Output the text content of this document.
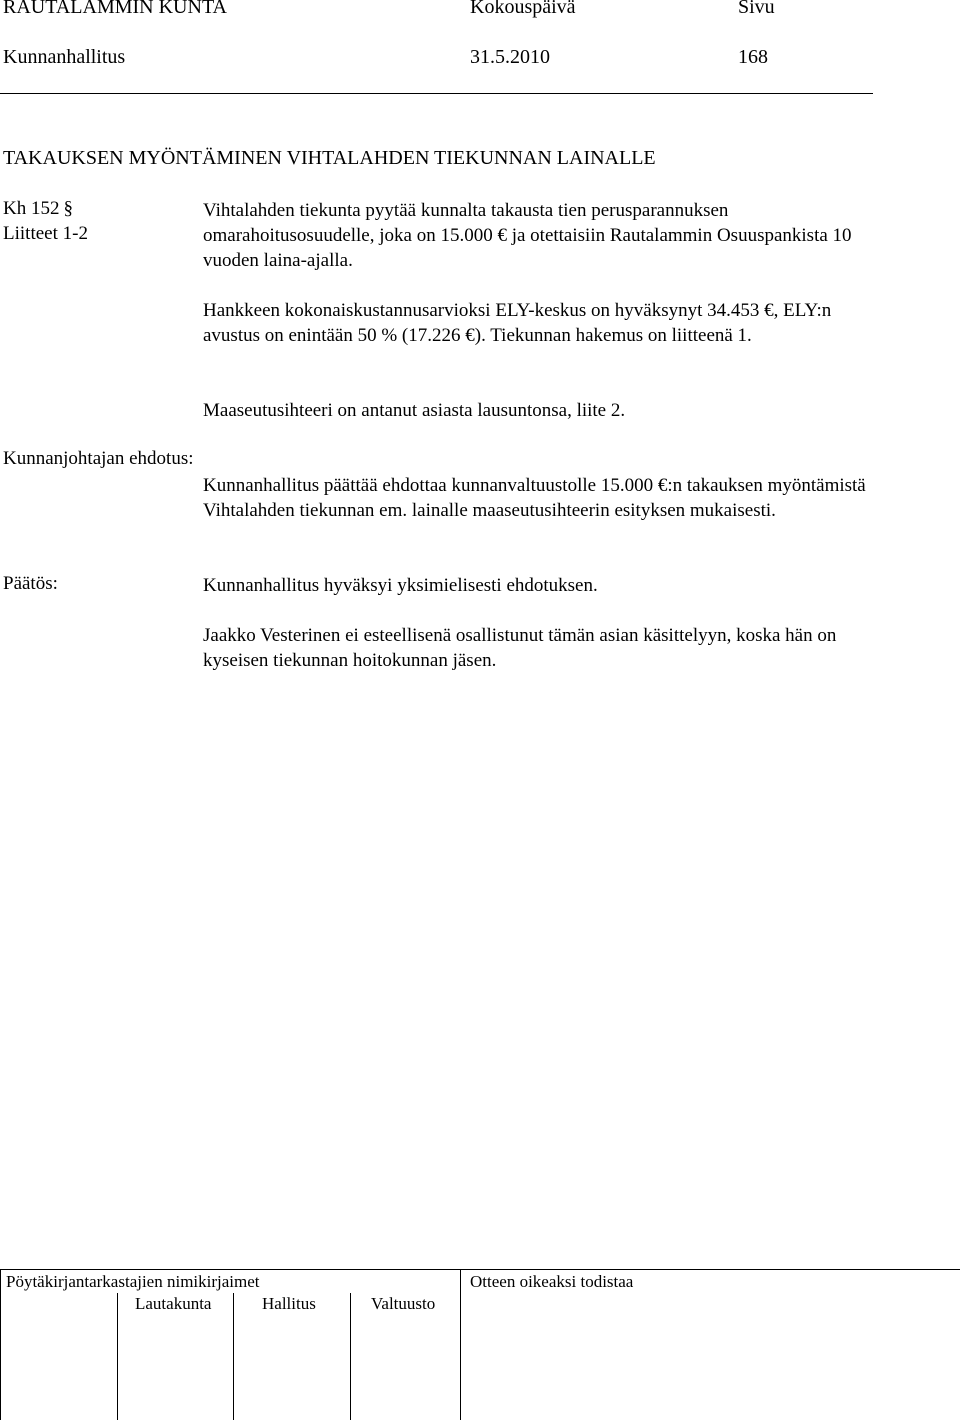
RAUTALAMMIN KUNTA	Kokouspäivä	Sivu
Kunnanhallitus	31.5.2010	168
TAKAUKSEN MYÖNTÄMINEN VIHTALAHDEN TIEKUNNAN LAINALLE
Kh 152 §
Liitteet 1-2
Vihtalahden tiekunta pyytää kunnalta takausta tien perusparannuksen omarahoitusosuudelle, joka on 15.000 € ja otettaisiin Rautalammin Osuuspankista 10 vuoden laina-ajalla.
Hankkeen kokonaiskustannusarvioksi ELY-keskus on hyväksynyt 34.453 €, ELY:n avustus on enintään 50 % (17.226 €). Tiekunnan hakemus on liitteenä 1.
Maaseutusihteeri on antanut asiasta lausuntonsa, liite 2.
Kunnanjohtajan ehdotus:
Kunnanhallitus päättää ehdottaa kunnanvaltuustolle 15.000 €:n takauksen myöntämistä Vihtalahden tiekunnan em. lainalle maaseutusihteerin esityksen mukaisesti.
Päätös:	Kunnanhallitus hyväksyi yksimielisesti ehdotuksen.
Jaakko Vesterinen ei esteellisenä osallistunut tämän asian käsittelyyn, koska hän on kyseisen tiekunnan hoitokunnan jäsen.
Pöytäkirjantarkastajien nimikirjaimet	Otteen oikeaksi todistaa
Lautakunta	Hallitus	Valtuusto
